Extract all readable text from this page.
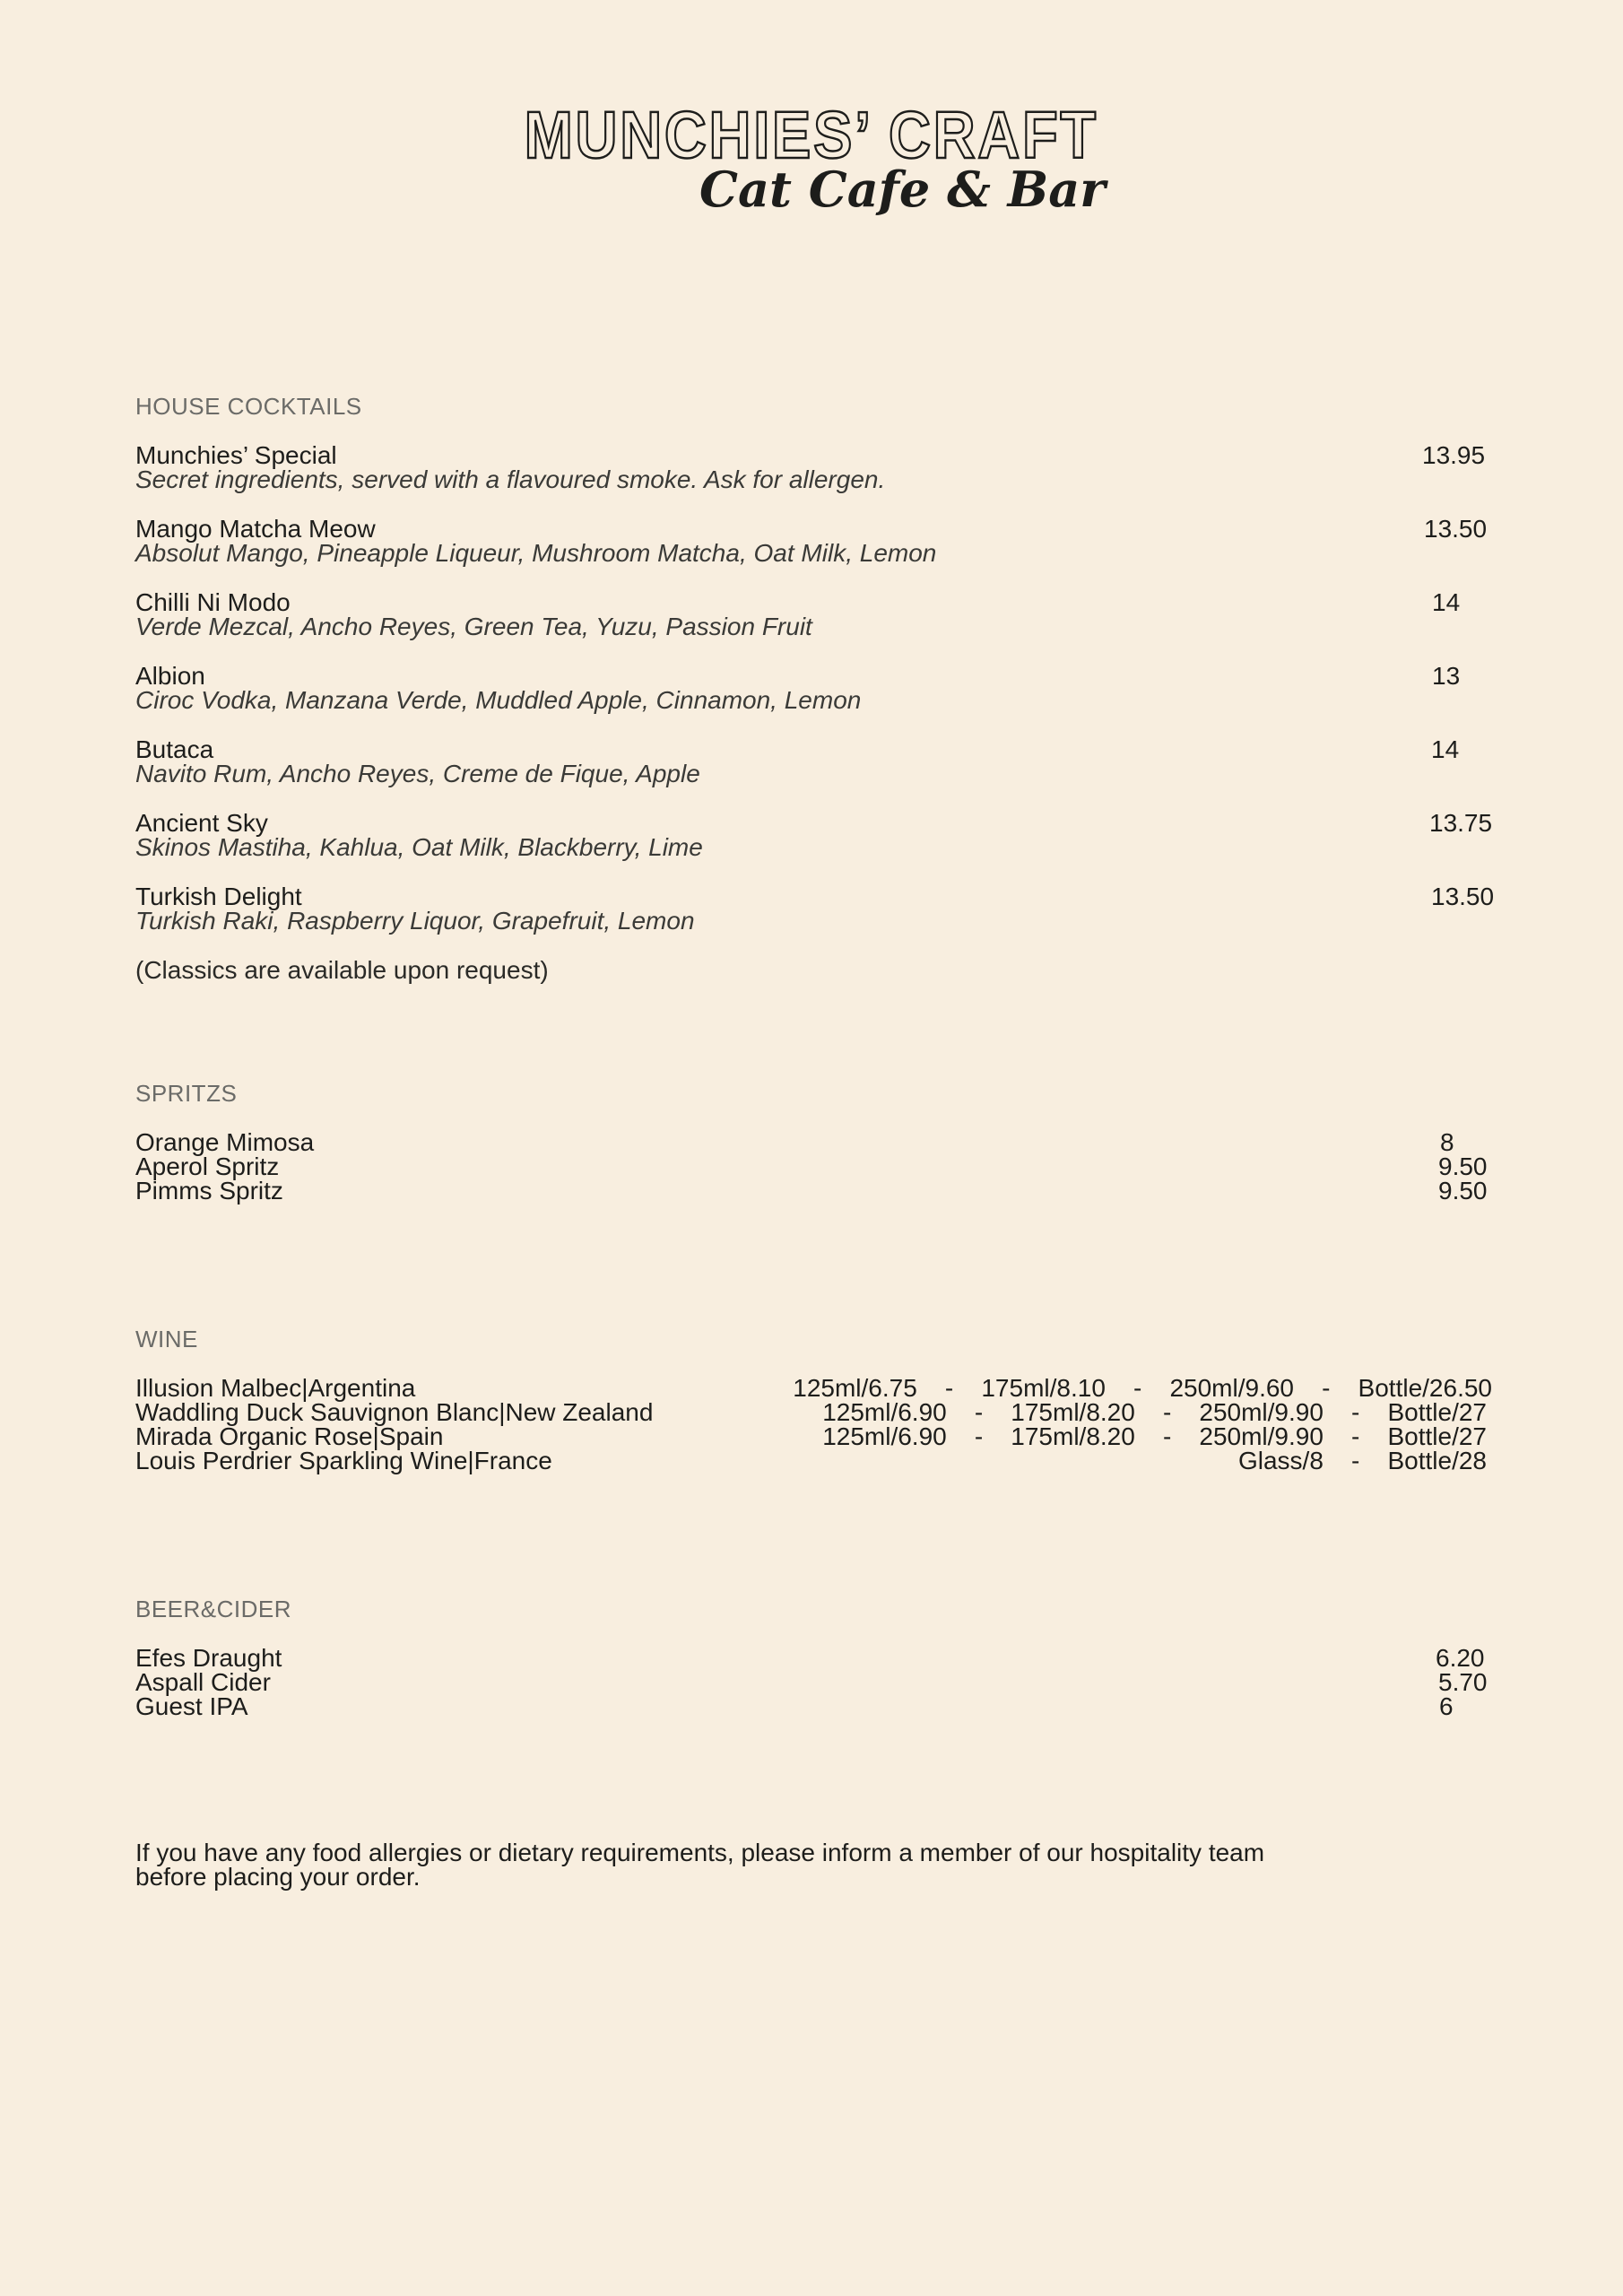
MUNCHIES’ CRAFT
Cat Cafe & Bar
HOUSE COCKTAILS
Munchies’ Special	13.95
Secret ingredients, served with a flavoured smoke. Ask for allergen.
Mango Matcha Meow	13.50
Absolut Mango, Pineapple Liqueur, Mushroom Matcha, Oat Milk, Lemon
Chilli Ni Modo	14
Verde Mezcal, Ancho Reyes, Green Tea, Yuzu, Passion Fruit
Albion	13
Ciroc Vodka, Manzana Verde, Muddled Apple, Cinnamon, Lemon
Butaca	14
Navito Rum, Ancho Reyes, Creme de Fique, Apple
Ancient Sky	13.75
Skinos Mastiha, Kahlua, Oat Milk, Blackberry, Lime
Turkish Delight	13.50
Turkish Raki, Raspberry Liquor, Grapefruit, Lemon
(Classics are available upon request)
SPRITZS
Orange Mimosa	8
Aperol Spritz	9.50
Pimms Spritz	9.50
WINE
Illusion Malbec|Argentina	125ml/6.75    -    175ml/8.10    -    250ml/9.60    -    Bottle/26.50
Waddling Duck Sauvignon Blanc|New Zealand	125ml/6.90    -    175ml/8.20    -    250ml/9.90    -    Bottle/27
Mirada Organic Rose|Spain	125ml/6.90    -    175ml/8.20    -    250ml/9.90    -    Bottle/27
Louis Perdrier Sparkling Wine|France	Glass/8    -    Bottle/28
BEER&CIDER
Efes Draught	6.20
Aspall Cider	5.70
Guest IPA	6
If you have any food allergies or dietary requirements, please inform a member of our hospitality team
before placing your order.
